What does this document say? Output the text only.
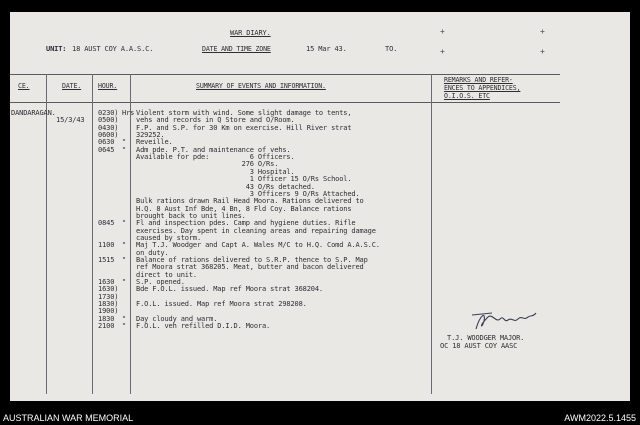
WAR DIARY.
UNIT: 18 AUST COY A.A.S.C.	DATE AND TIME ZONE	15 Mar 43.	TO.
+	+
+	+
CE.	DATE.	HOUR.	SUMMARY OF EVENTS AND INFORMATION.
REMARKS AND REFER-
ENCES TO APPENDICES,
O.I.O.S. ETC
DANDARAGAN.
15/3/43
0230) Hrs Violent storm with wind. Some slight damage to tents,
0500)	vehs and records in Q Store and O/Room.
0430)	F.P. and S.P. for 30 Km on exercise. Hill River strat
0600)	329252.
0630 " Reveille.
0645 " Adm pde. P.T. and maintenance of vehs.
Available for pde:          6 Officers.
276 O/Rs.
3 Hospital.
1 Officer 15 O/Rs School.
43 O/Rs detached.
3 Officers 9 O/Rs Attached.
Bulk rations drawn Rail Head Moora. Rations delivered to
H.Q. 8 Aust Inf Bde, 4 Bn, 8 Fld Coy. Balance rations
brought back to unit lines.
0845 " Fl and inspection pdes. Camp and hygiene duties. Rifle
exercises. Day spent in cleaning areas and repairing damage
caused by storm.
1100 " Maj T.J. Woodger and Capt A. Wales M/C to H.Q. Comd A.A.S.C.
on duty.
1515 " Balance of rations delivered to S.R.P. thence to S.P. Map
ref Moora strat 368205. Meat, butter and bacon delivered
direct to unit.
1630 " S.P. opened.
1630)	Bde F.O.L. issued. Map ref Moora strat 368204.
1730)
1830)	F.O.L. issued. Map ref Moora strat 298208.
1900)
1830 " Day cloudy and warm.
2100 " F.O.L. veh refilled D.I.D. Moora.
T.J. WOODGER MAJOR.
OC 18 AUST COY AASC
AUSTRALIAN WAR MEMORIAL	AWM2022.5.1455
